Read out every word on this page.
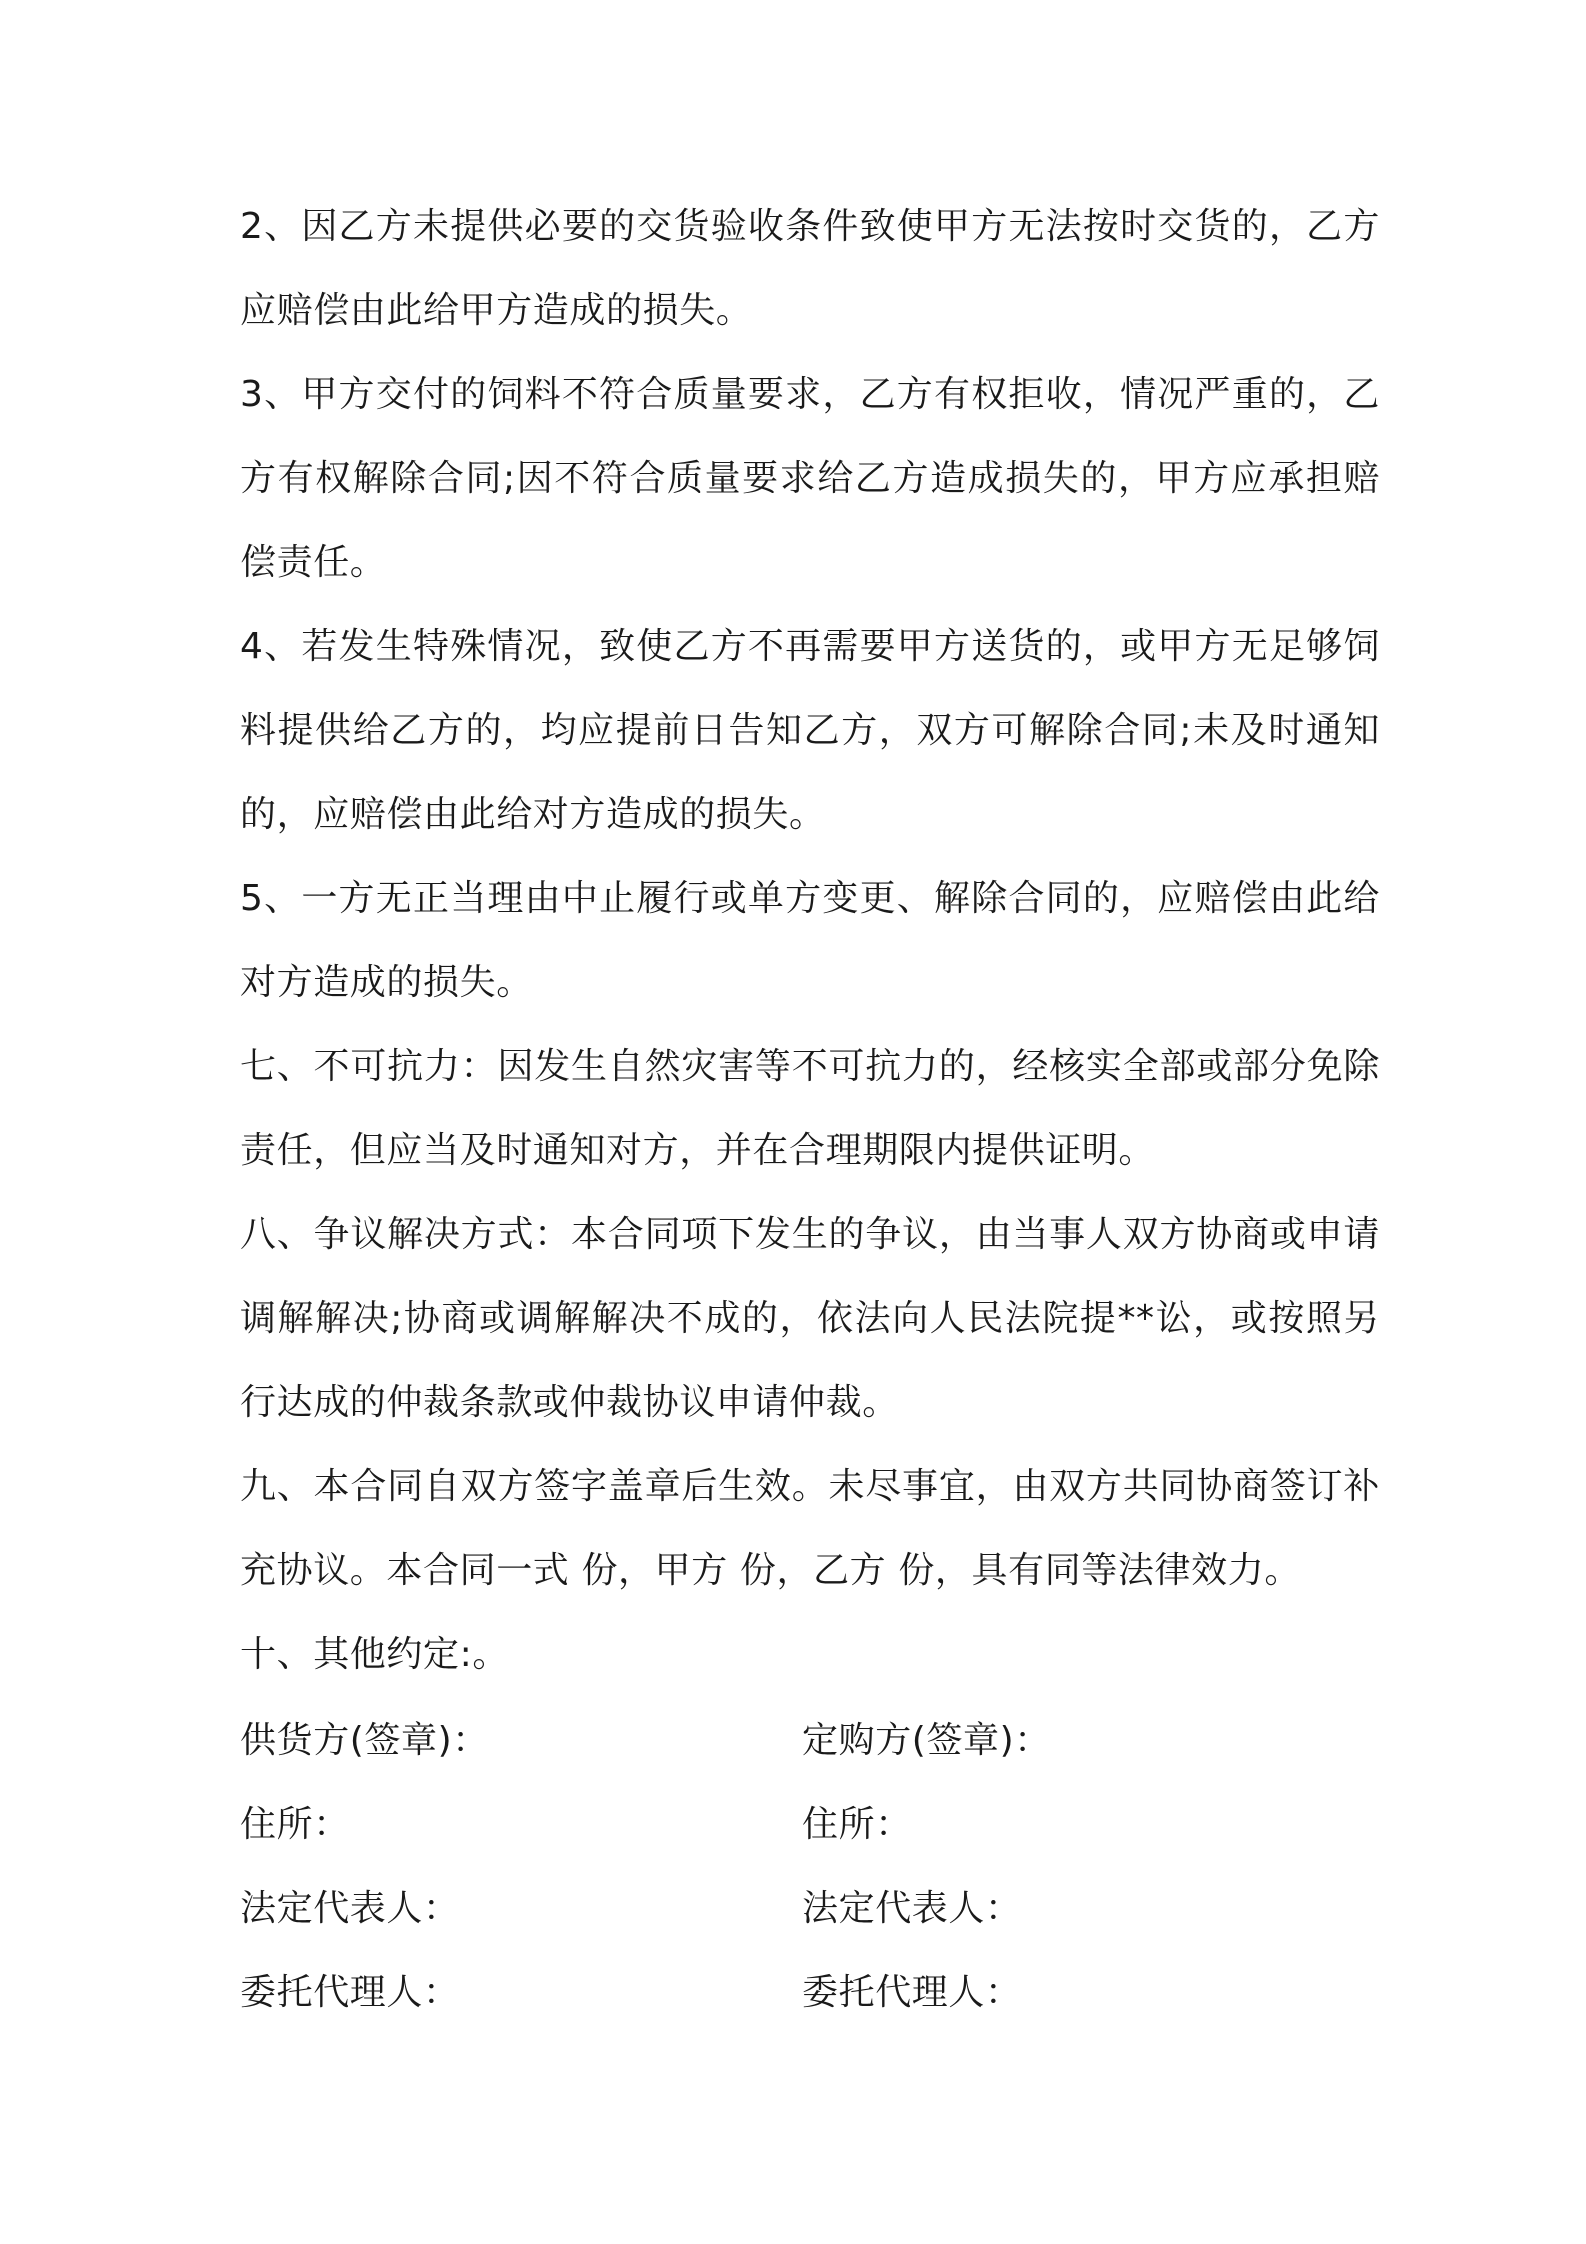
2、因乙方未提供必要的交货验收条件致使甲方无法按时交货的，乙方应赔偿由此给甲方造成的损失。

3、甲方交付的饲料不符合质量要求，乙方有权拒收，情况严重的，乙方有权解除合同;因不符合质量要求给乙方造成损失的，甲方应承担赔偿责任。

4、若发生特殊情况，致使乙方不再需要甲方送货的，或甲方无足够饲料提供给乙方的，均应提前日告知乙方，双方可解除合同;未及时通知的，应赔偿由此给对方造成的损失。

5、一方无正当理由中止履行或单方变更、解除合同的，应赔偿由此给对方造成的损失。

七、不可抗力：因发生自然灾害等不可抗力的，经核实全部或部分免除责任，但应当及时通知对方，并在合理期限内提供证明。

八、争议解决方式：本合同项下发生的争议，由当事人双方协商或申请调解解决;协商或调解解决不成的，依法向人民法院提**讼，或按照另行达成的仲裁条款或仲裁协议申请仲裁。

九、本合同自双方签字盖章后生效。未尽事宜，由双方共同协商签订补充协议。本合同一式 份，甲方 份，乙方 份，具有同等法律效力。

十、其他约定:。

供货方(签章)：	定购方(签章)：
住所：	住所：
法定代表人：	法定代表人：
委托代理人：	委托代理人：
